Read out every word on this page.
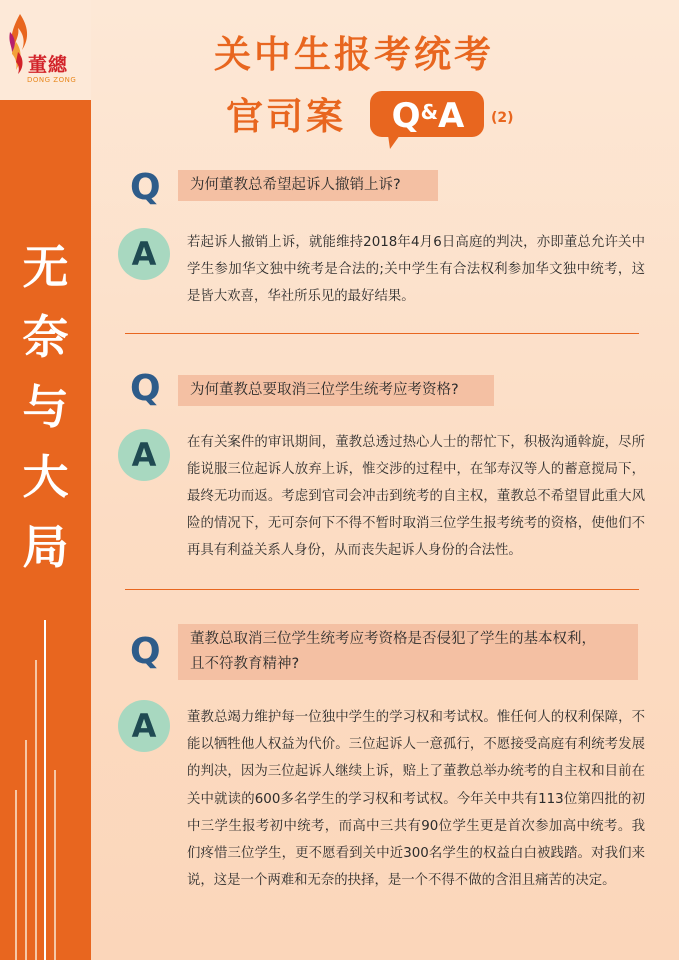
董總
DONG ZONG
无
奈
与
大
局
关中生报考统考
官司案	Q&A	(2)
Q	为何董教总希望起诉人撤销上诉?
A	若起诉人撤销上诉，就能维持2018年4月6日高庭的判决，亦即董总允许关中学生参加华文独中统考是合法的;关中学生有合法权利参加华文独中统考，这是皆大欢喜，华社所乐见的最好结果。
Q	为何董教总要取消三位学生统考应考资格?
A	在有关案件的审讯期间，董教总透过热心人士的帮忙下，积极沟通斡旋，尽所能说服三位起诉人放弃上诉，惟交涉的过程中，在邹寿汉等人的蓄意搅局下，最终无功而返。考虑到官司会冲击到统考的自主权，董教总不希望冒此重大风险的情况下，无可奈何下不得不暂时取消三位学生报考统考的资格，使他们不再具有利益关系人身份，从而丧失起诉人身份的合法性。
Q 董教总取消三位学生统考应考资格是否侵犯了学生的基本权利，
且不符教育精神?
A	董教总竭力维护每一位独中学生的学习权和考试权。惟任何人的权利保障，不能以牺牲他人权益为代价。三位起诉人一意孤行，不愿接受高庭有利统考发展的判决，因为三位起诉人继续上诉，赔上了董教总举办统考的自主权和目前在关中就读的600多名学生的学习权和考试权。今年关中共有113位第四批的初中三学生报考初中统考，而高中三共有90位学生更是首次参加高中统考。我们疼惜三位学生，更不愿看到关中近300名学生的权益白白被践踏。对我们来说，这是一个两难和无奈的抉择，是一个不得不做的含泪且痛苦的决定。
